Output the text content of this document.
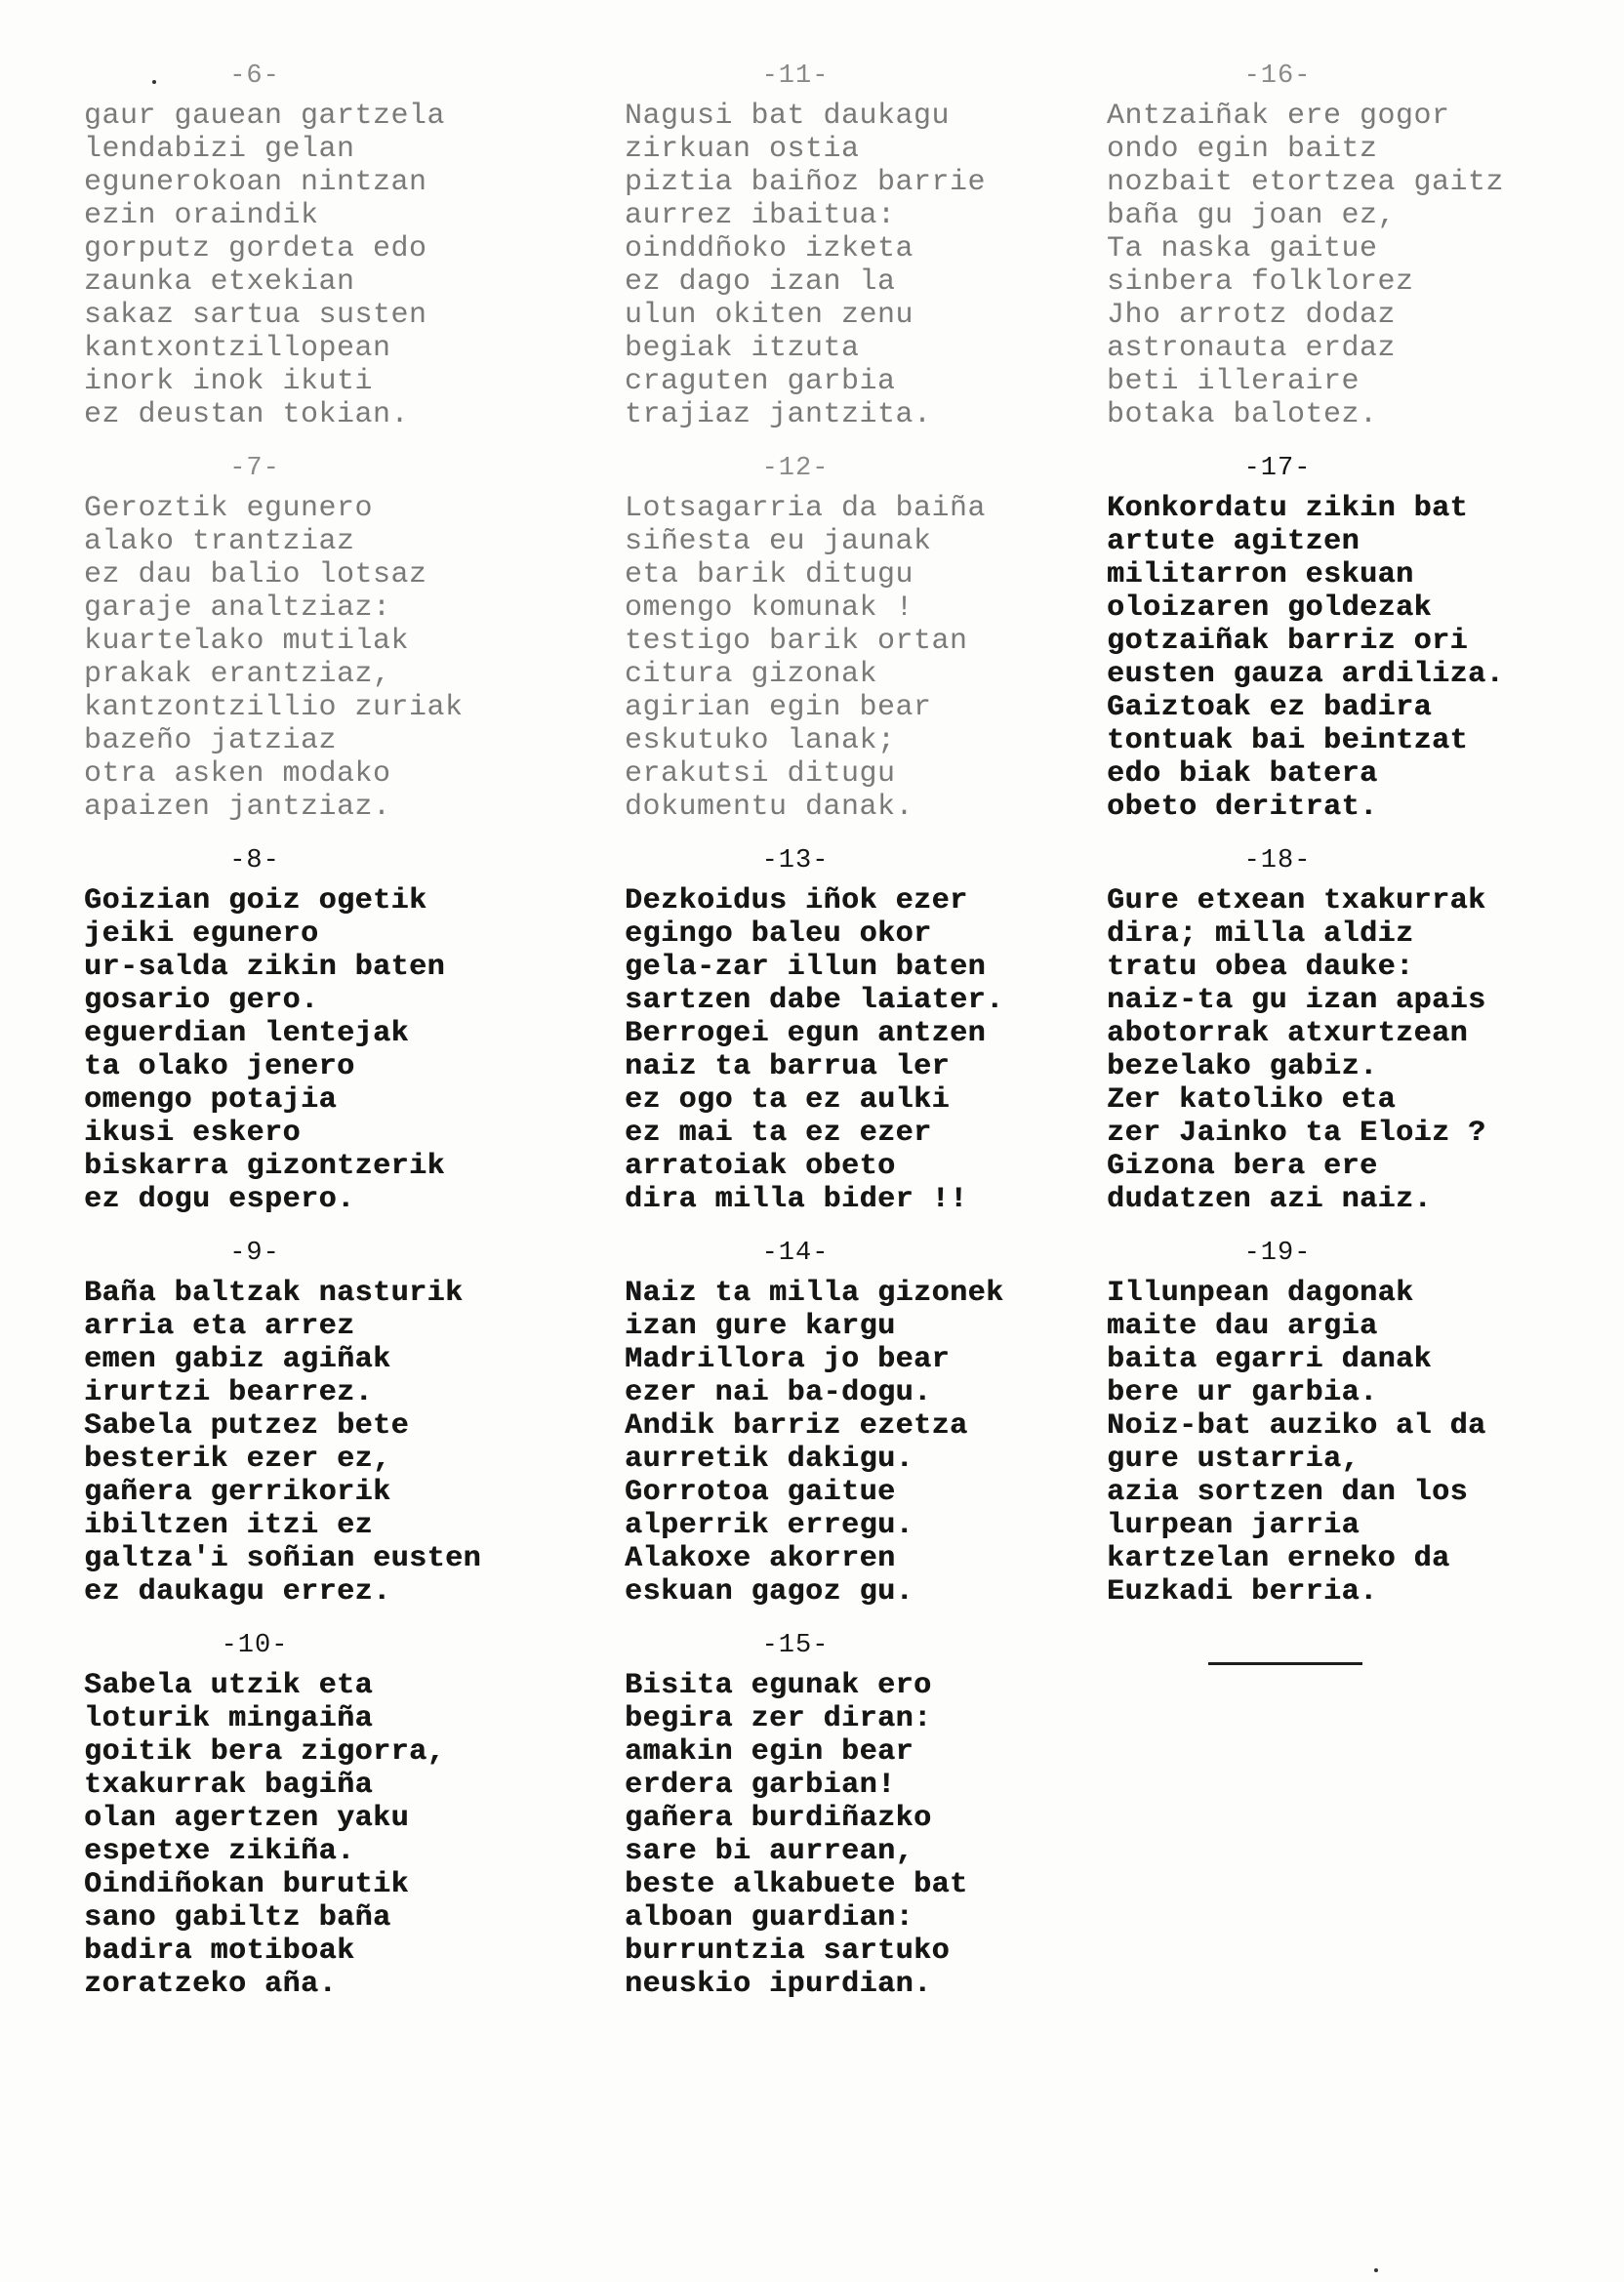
-6-
gaur gauean gartzela
lendabizi gelan
egunerokoan nintzan
ezin oraindik
gorputz gordeta edo
zaunka etxekian
sakaz sartua susten
kantxontzillopean
inork inok ikuti
ez deustan tokian.
-7-
Geroztik egunero
alako trantziaz
ez dau balio lotsaz
garaje analtziaz:
kuartelako mutilak
prakak erantziaz,
kantzontzillio zuriak
bazeño jatziaz
otra asken modako
apaizen jantziaz.
-8-
Goizian goiz ogetik
jeiki egunero
ur-salda zikin baten
gosario gero.
eguerdian lentejak
ta olako jenero
omengo potajia
ikusi eskero
biskarra gizontzerik
ez dogu espero.
-9-
Baña baltzak nasturik
arria eta arrez
emen gabiz agiñak
irurtzi bearrez.
Sabela putzez bete
besterik ezer ez,
gañera gerrikorik
ibiltzen itzi ez
galtza'i soñian eusten
ez daukagu errez.
-10-
Sabela utzik eta
loturik mingaiña
goitik bera zigorra,
txakurrak bagiña
olan agertzen yaku
espetxe zikiña.
Oindiñokan burutik
sano gabiltz baña
badira motiboak
zoratzeko aña.
-11-
Nagusi bat daukagu
zirkuan ostia
piztia baiñoz barrie
aurrez ibaitua:
oinddñoko izketa
ez dago izan la
ulun okiten zenu
begiak itzuta
craguten garbia
trajiaz jantzita.
-12-
Lotsagarria da baiña
siñesta eu jaunak
eta barik ditugu
omengo komunak !
testigo barik ortan
citura gizonak
agirian egin bear
eskutuko lanak;
erakutsi ditugu
dokumentu danak.
-13-
Dezkoidus iñok ezer
egingo baleu okor
gela-zar illun baten
sartzen dabe laiater.
Berrogei egun antzen
naiz ta barrua ler
ez ogo ta ez aulki
ez mai ta ez ezer
arratoiak obeto
dira milla bider !!
-14-
Naiz ta milla gizonek
izan gure kargu
Madrillora jo bear
ezer nai ba-dogu.
Andik barriz ezetza
aurretik dakigu.
Gorrotoa gaitue
alperrik erregu.
Alakoxe akorren
eskuan gagoz gu.
-15-
Bisita egunak ero
begira zer diran:
amakin egin bear
erdera garbian!
gañera burdiñazko
sare bi aurrean,
beste alkabuete bat
alboan guardian:
burruntzia sartuko
neuskio ipurdian.
-16-
Antzaiñak ere gogor
ondo egin baitz
nozbait etortzea gaitz
baña gu joan ez,
Ta naska gaitue
sinbera folklorez
Jho arrotz dodaz
astronauta erdaz
beti illeraire
botaka balotez.
-17-
Konkordatu zikin bat
artute agitzen
militarron eskuan
oloizaren goldezak
gotzaiñak barriz ori
eusten gauza ardiliza.
Gaiztoak ez badira
tontuak bai beintzat
edo biak batera
obeto deritrat.
-18-
Gure etxean txakurrak
dira; milla aldiz
tratu obea dauke:
naiz-ta gu izan apais
abotorrak atxurtzean
bezelako gabiz.
Zer katoliko eta
zer Jainko ta Eloiz ?
Gizona bera ere
dudatzen azi naiz.
-19-
Illunpean dagonak
maite dau argia
baita egarri danak
bere ur garbia.
Noiz-bat auziko al da
gure ustarria,
azia sortzen dan los
lurpean jarria
kartzelan erneko da
Euzkadi berria.
